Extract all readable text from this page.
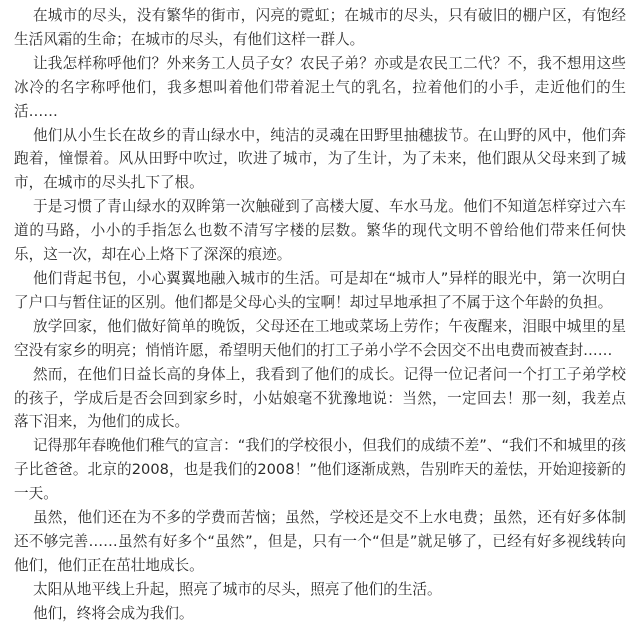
在城市的尽头，没有繁华的街市，闪亮的霓虹；在城市的尽头，只有破旧的棚户区，有饱经生活风霜的生命；在城市的尽头，有他们这样一群人。

让我怎样称呼他们？外来务工人员子女？农民子弟？亦或是农民工二代？不，我不想用这些冰冷的名字称呼他们，我多想叫着他们带着泥土气的乳名，拉着他们的小手，走近他们的生活……

他们从小生长在故乡的青山绿水中，纯洁的灵魂在田野里抽穗拔节。在山野的风中，他们奔跑着，憧憬着。风从田野中吹过，吹进了城市，为了生计，为了未来，他们跟从父母来到了城市，在城市的尽头扎下了根。

于是习惯了青山绿水的双眸第一次触碰到了高楼大厦、车水马龙。他们不知道怎样穿过六车道的马路，小小的手指怎么也数不清写字楼的层数。繁华的现代文明不曾给他们带来任何快乐，这一次，却在心上烙下了深深的痕迹。

他们背起书包，小心翼翼地融入城市的生活。可是却在“城市人”异样的眼光中，第一次明白了户口与暂住证的区别。他们都是父母心头的宝啊！却过早地承担了不属于这个年龄的负担。

放学回家，他们做好简单的晚饭，父母还在工地或菜场上劳作；午夜醒来，泪眼中城里的星空没有家乡的明亮；悄悄许愿，希望明天他们的打工子弟小学不会因交不出电费而被查封……

然而，在他们日益长高的身体上，我看到了他们的成长。记得一位记者问一个打工子弟学校的孩子，学成后是否会回到家乡时，小姑娘毫不犹豫地说：当然，一定回去！那一刻，我差点落下泪来，为他们的成长。

记得那年春晚他们稚气的宣言：“我们的学校很小，但我们的成绩不差”、“我们不和城里的孩子比爸爸。北京的2008，也是我们的2008！”他们逐渐成熟，告别昨天的羞怯，开始迎接新的一天。

虽然，他们还在为不多的学费而苦恼；虽然，学校还是交不上水电费；虽然，还有好多体制还不够完善……虽然有好多个“虽然”，但是，只有一个“但是”就足够了，已经有好多视线转向他们，他们正在茁壮地成长。

太阳从地平线上升起，照亮了城市的尽头，照亮了他们的生活。

他们，终将会成为我们。
